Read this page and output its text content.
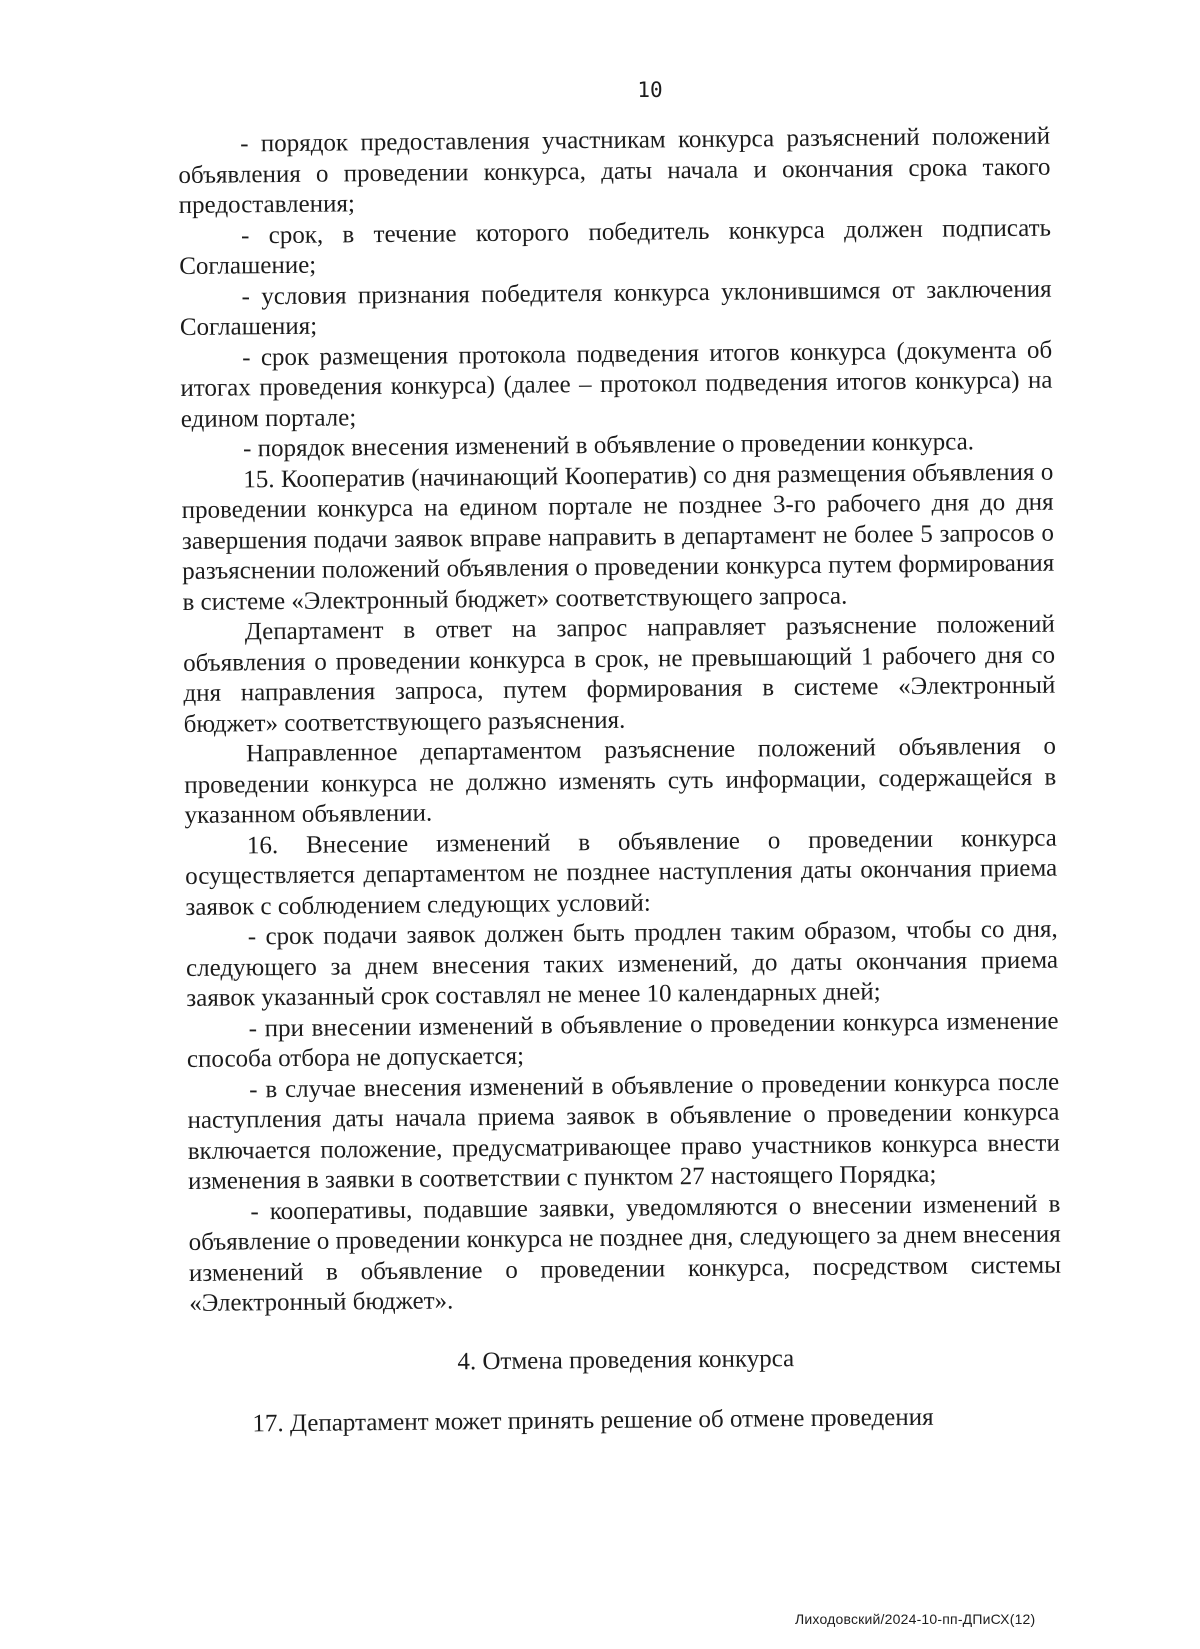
10

- порядок предоставления участникам конкурса разъяснений положений объявления о проведении конкурса, даты начала и окончания срока такого предоставления;

- срок, в течение которого победитель конкурса должен подписать Соглашение;

- условия признания победителя конкурса уклонившимся от заключения Соглашения;

- срок размещения протокола подведения итогов конкурса (документа об итогах проведения конкурса) (далее – протокол подведения итогов конкурса) на едином портале;

- порядок внесения изменений в объявление о проведении конкурса.

15. Кооператив (начинающий Кооператив) со дня размещения объявления о проведении конкурса на едином портале не позднее 3-го рабочего дня до дня завершения подачи заявок вправе направить в департамент не более 5 запросов о разъяснении положений объявления о проведении конкурса путем формирования в системе «Электронный бюджет» соответствующего запроса.

Департамент в ответ на запрос направляет разъяснение положений объявления о проведении конкурса в срок, не превышающий 1 рабочего дня со дня направления запроса, путем формирования в системе «Электронный бюджет» соответствующего разъяснения.

Направленное департаментом разъяснение положений объявления о проведении конкурса не должно изменять суть информации, содержащейся в указанном объявлении.

16. Внесение изменений в объявление о проведении конкурса осуществляется департаментом не позднее наступления даты окончания приема заявок с соблюдением следующих условий:

- срок подачи заявок должен быть продлен таким образом, чтобы со дня, следующего за днем внесения таких изменений, до даты окончания приема заявок указанный срок составлял не менее 10 календарных дней;

- при внесении изменений в объявление о проведении конкурса изменение способа отбора не допускается;

- в случае внесения изменений в объявление о проведении конкурса после наступления даты начала приема заявок в объявление о проведении конкурса включается положение, предусматривающее право участников конкурса внести изменения в заявки в соответствии с пунктом 27 настоящего Порядка;

- кооперативы, подавшие заявки, уведомляются о внесении изменений в объявление о проведении конкурса не позднее дня, следующего за днем внесения изменений в объявление о проведении конкурса, посредством системы «Электронный бюджет».

4. Отмена проведения конкурса

17. Департамент может принять решение об отмене проведения

Лиходовский/2024-10-пп-ДПиСХ(12)
